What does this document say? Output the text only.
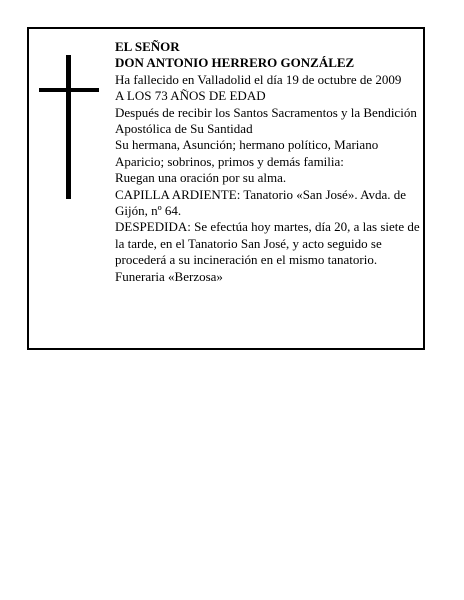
EL SEÑOR
DON ANTONIO HERRERO GONZÁLEZ
Ha fallecido en Valladolid el día 19 de octubre de 2009
A LOS 73 AÑOS DE EDAD
Después de recibir los Santos Sacramentos y la Bendición Apostólica de Su Santidad
Su hermana, Asunción; hermano político, Mariano Aparicio; sobrinos, primos y demás familia:
Ruegan una oración por su alma.
CAPILLA ARDIENTE: Tanatorio «San José». Avda. de Gijón, nº 64.
DESPEDIDA: Se efectúa hoy martes, día 20, a las siete de la tarde, en el Tanatorio San José, y acto seguido se procederá a su incineración en el mismo tanatorio.
Funeraria «Berzosa»
